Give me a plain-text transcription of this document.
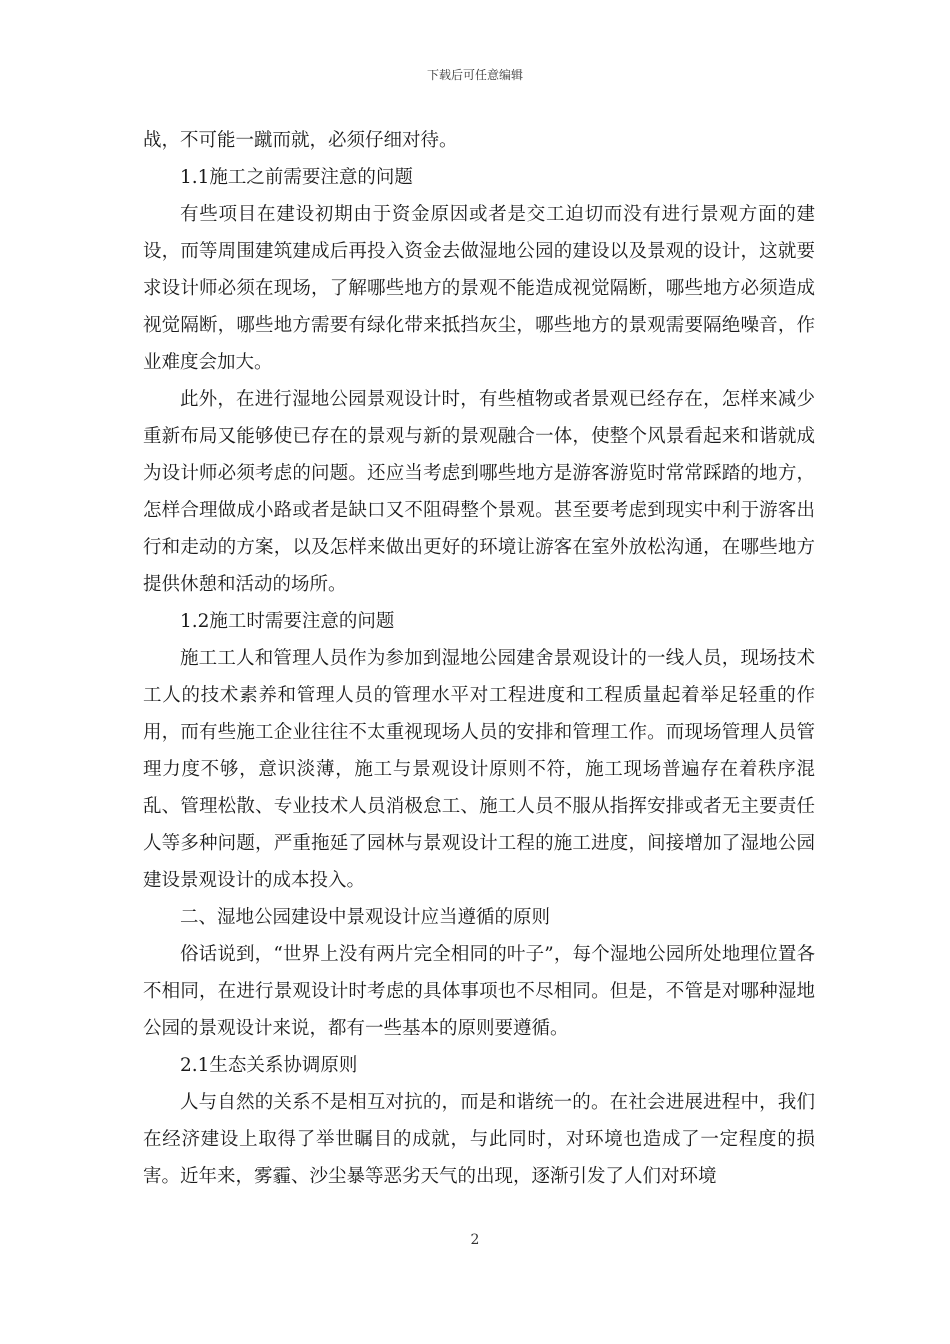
下载后可任意编辑

战，不可能一蹴而就，必须仔细对待。

1.1施工之前需要注意的问题

有些项目在建设初期由于资金原因或者是交工迫切而没有进行景观方面的建设，而等周围建筑建成后再投入资金去做湿地公园的建设以及景观的设计，这就要求设计师必须在现场，了解哪些地方的景观不能造成视觉隔断，哪些地方必须造成视觉隔断，哪些地方需要有绿化带来抵挡灰尘，哪些地方的景观需要隔绝噪音，作业难度会加大。

此外，在进行湿地公园景观设计时，有些植物或者景观已经存在，怎样来减少重新布局又能够使已存在的景观与新的景观融合一体，使整个风景看起来和谐就成为设计师必须考虑的问题。还应当考虑到哪些地方是游客游览时常常踩踏的地方，怎样合理做成小路或者是缺口又不阻碍整个景观。甚至要考虑到现实中利于游客出行和走动的方案，以及怎样来做出更好的环境让游客在室外放松沟通，在哪些地方提供休憩和活动的场所。

1.2施工时需要注意的问题

施工工人和管理人员作为参加到湿地公园建舍景观设计的一线人员，现场技术工人的技术素养和管理人员的管理水平对工程进度和工程质量起着举足轻重的作用，而有些施工企业往往不太重视现场人员的安排和管理工作。而现场管理人员管理力度不够，意识淡薄，施工与景观设计原则不符，施工现场普遍存在着秩序混乱、管理松散、专业技术人员消极怠工、施工人员不服从指挥安排或者无主要责任人等多种问题，严重拖延了园林与景观设计工程的施工进度，间接增加了湿地公园建设景观设计的成本投入。

二、湿地公园建设中景观设计应当遵循的原则

俗话说到，“世界上没有两片完全相同的叶子”，每个湿地公园所处地理位置各不相同，在进行景观设计时考虑的具体事项也不尽相同。但是，不管是对哪种湿地公园的景观设计来说，都有一些基本的原则要遵循。

2.1生态关系协调原则

人与自然的关系不是相互对抗的，而是和谐统一的。在社会进展进程中，我们在经济建设上取得了举世瞩目的成就，与此同时，对环境也造成了一定程度的损害。近年来，雾霾、沙尘暴等恶劣天气的出现，逐渐引发了人们对环境

2
